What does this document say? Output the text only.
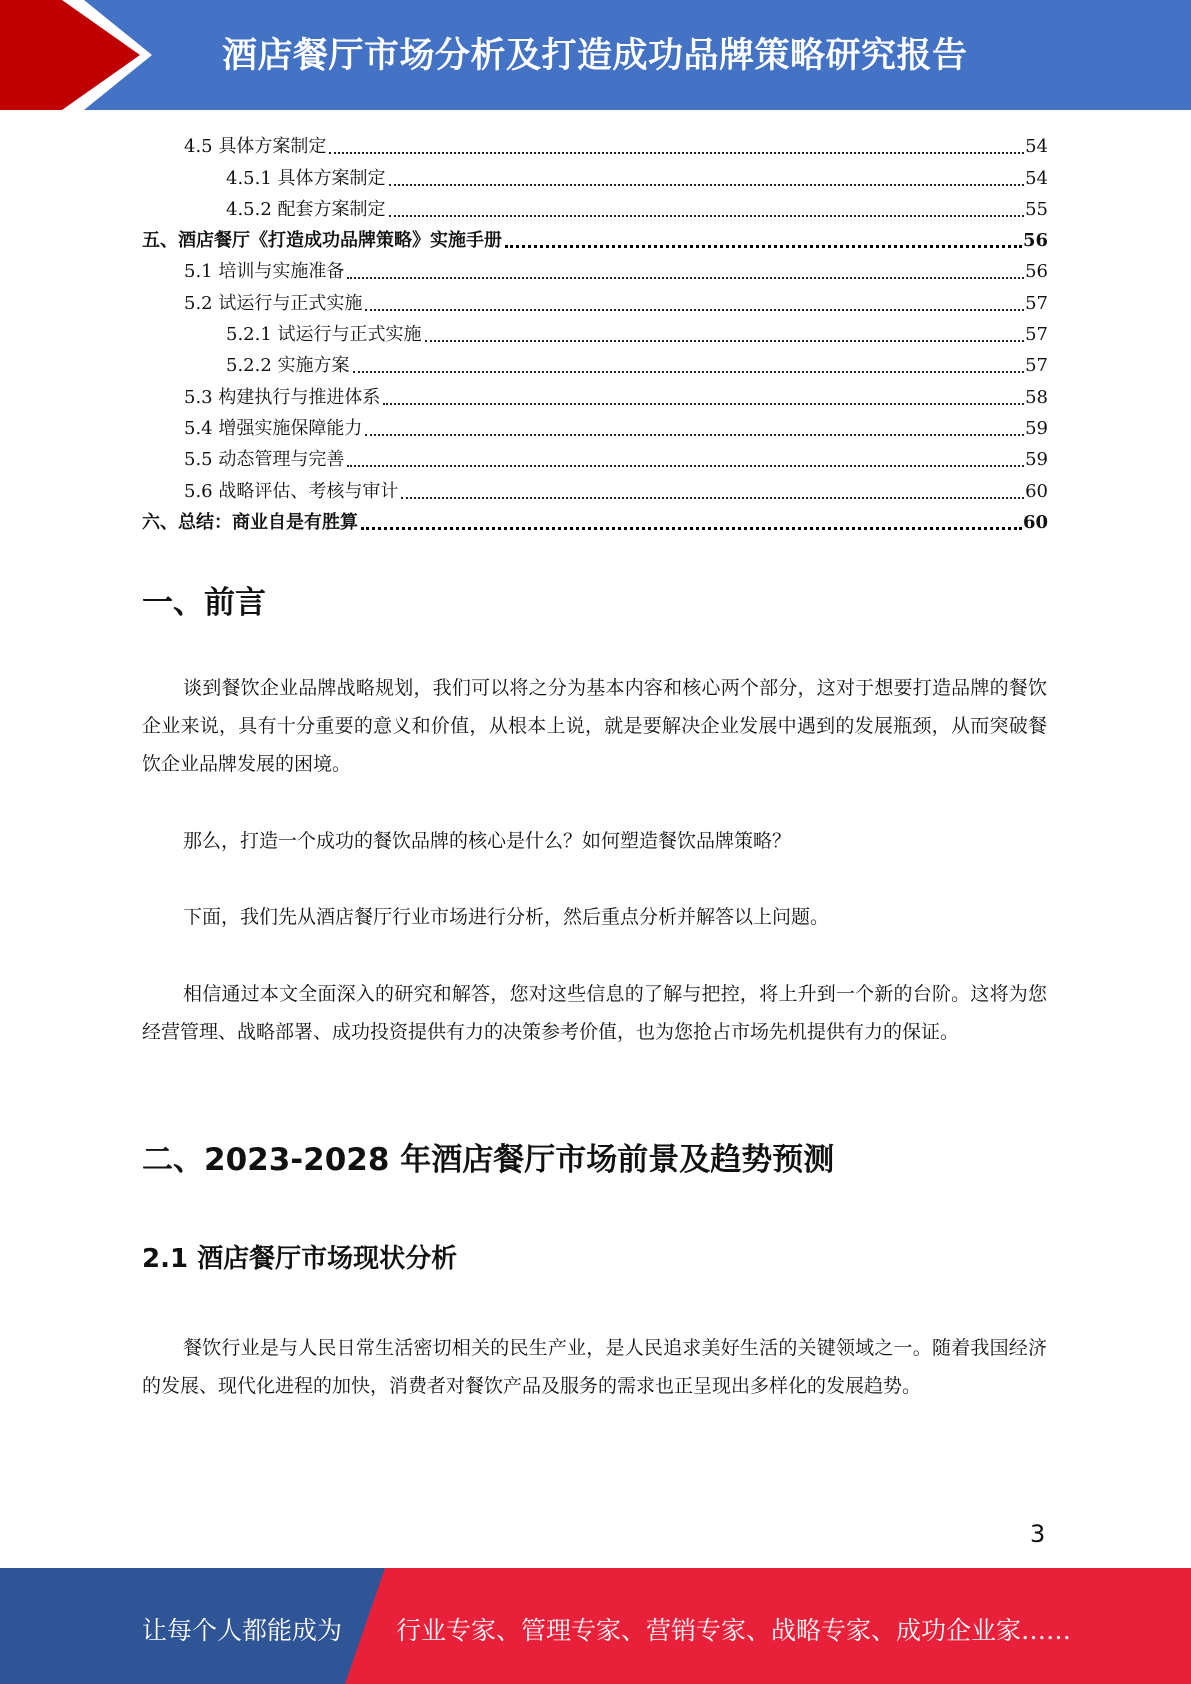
酒店餐厅市场分析及打造成功品牌策略研究报告
4.5 具体方案制定	54
4.5.1 具体方案制定	54
4.5.2 配套方案制定	55
五、酒店餐厅《打造成功品牌策略》实施手册	56
5.1 培训与实施准备	56
5.2 试运行与正式实施	57
5.2.1 试运行与正式实施	57
5.2.2 实施方案	57
5.3 构建执行与推进体系	58
5.4 增强实施保障能力	59
5.5 动态管理与完善	59
5.6 战略评估、考核与审计	60
六、总结：商业自是有胜算	60
一、前言
谈到餐饮企业品牌战略规划，我们可以将之分为基本内容和核心两个部分，这对于想要打造品牌的餐饮企业来说，具有十分重要的意义和价值，从根本上说，就是要解决企业发展中遇到的发展瓶颈，从而突破餐饮企业品牌发展的困境。
那么，打造一个成功的餐饮品牌的核心是什么？如何塑造餐饮品牌策略？
下面，我们先从酒店餐厅行业市场进行分析，然后重点分析并解答以上问题。
相信通过本文全面深入的研究和解答，您对这些信息的了解与把控，将上升到一个新的台阶。这将为您经营管理、战略部署、成功投资提供有力的决策参考价值，也为您抢占市场先机提供有力的保证。
二、2023-2028 年酒店餐厅市场前景及趋势预测
2.1 酒店餐厅市场现状分析
餐饮行业是与人民日常生活密切相关的民生产业，是人民追求美好生活的关键领域之一。随着我国经济的发展、现代化进程的加快，消费者对餐饮产品及服务的需求也正呈现出多样化的发展趋势。
3
让每个人都能成为 行业专家、管理专家、营销专家、战略专家、成功企业家……
